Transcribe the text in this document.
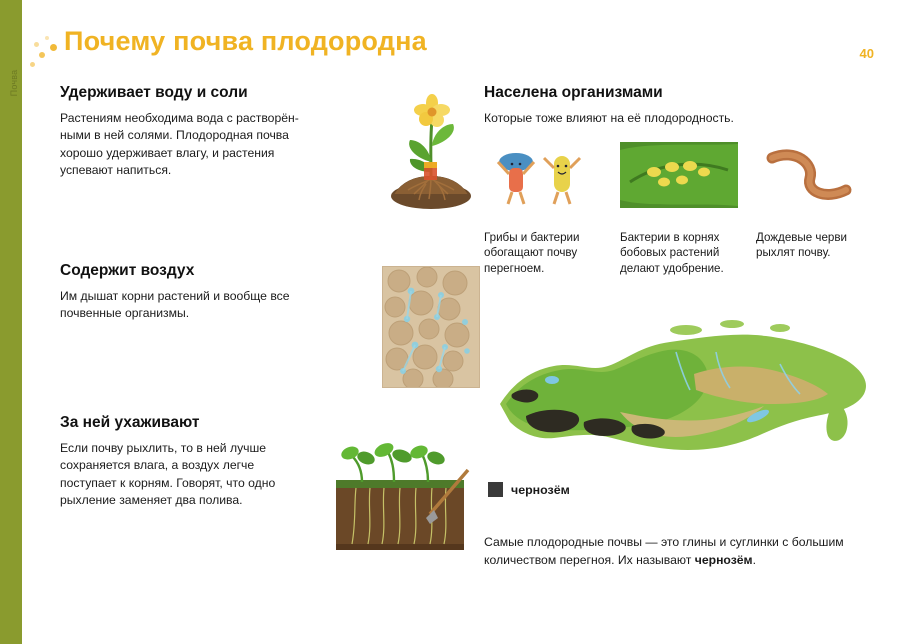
Почва
Почему почва плодородна	40
Удерживает воду и соли

Растениям необходима вода с растворён-ными в ней солями. Плодородная почва хорошо удерживает влагу, и растения успевают напиться.

Содержит воздух

Им дышат корни растений и вообще все почвенные организмы.

За ней ухаживают

Если почву рыхлить, то в ней лучше сохраняется влага, а воздух легче поступает к корням. Говорят, что одно рыхление заменяет два полива.

Населена организмами

Которые тоже влияют на её плодородность.

Грибы и бактерии обогащают почву перегноем.

Бактерии в корнях бобовых растений делают удобрение.

Дождевые черви рыхлят почву.

чернозём

Самые плодородные почвы — это глины и суглинки с большим количеством перегноя. Их называют чернозём.
